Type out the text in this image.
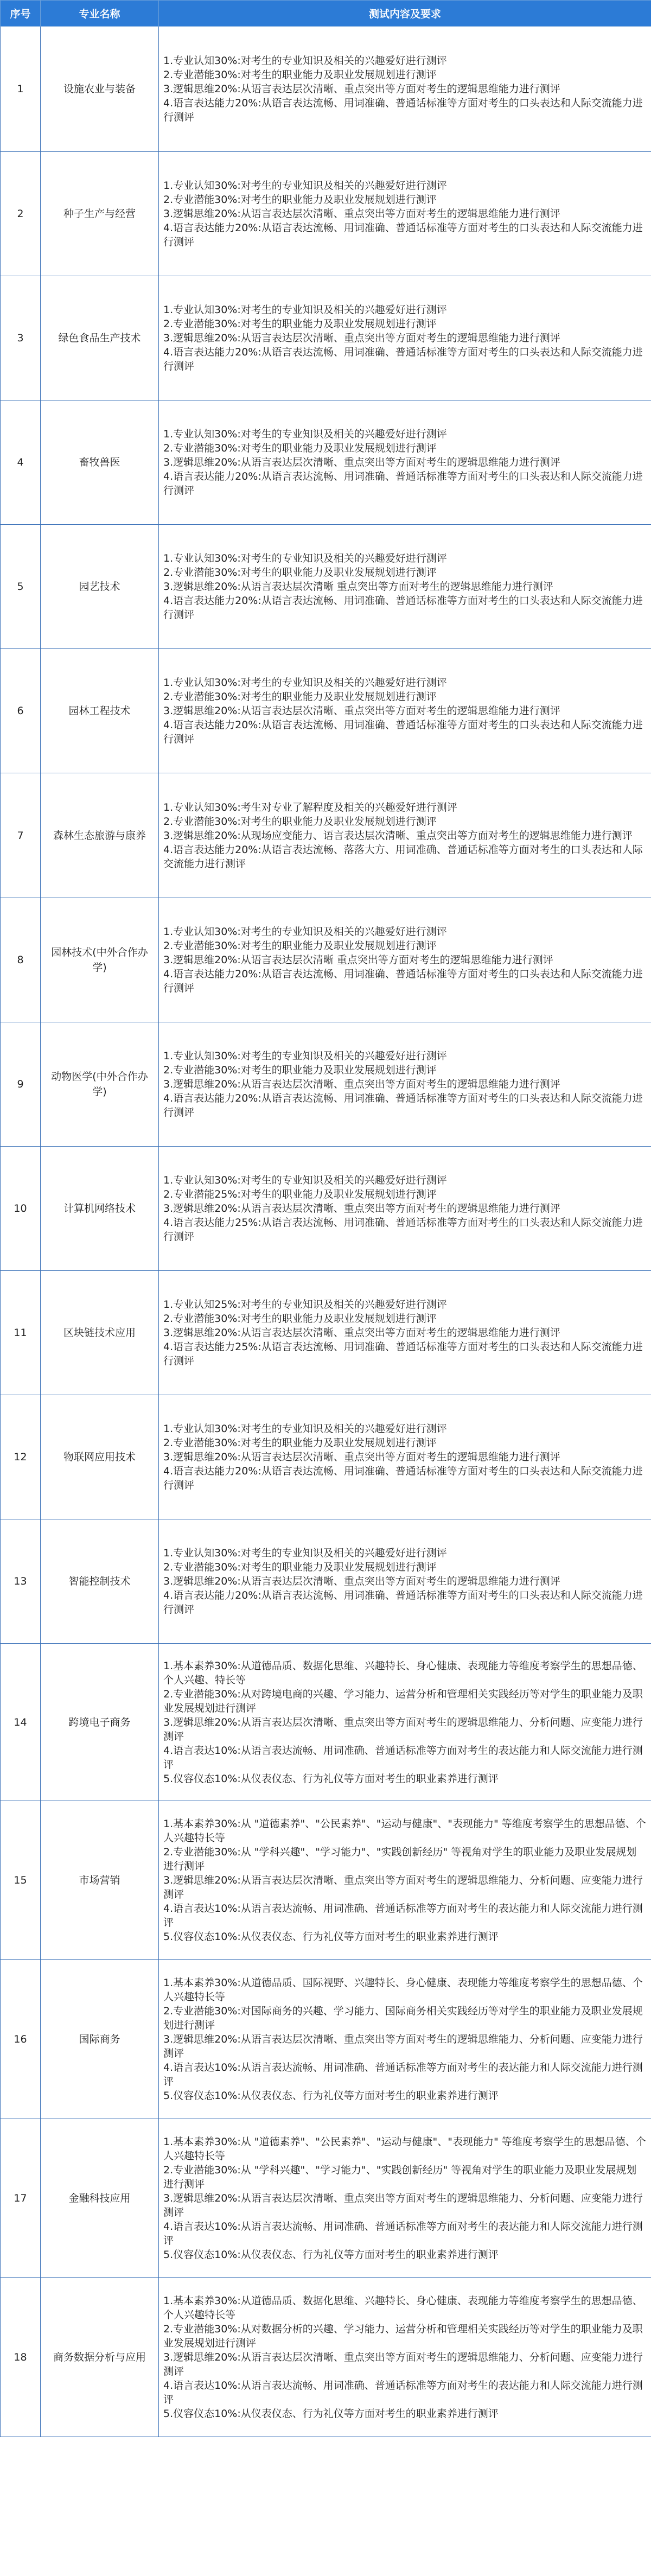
序号	专业名称	测试内容及要求
1	设施农业与装备	1.专业认知30%:对考生的专业知识及相关的兴趣爱好进行测评
2.专业潜能30%:对考生的职业能力及职业发展规划进行测评
3.逻辑思维20%:从语言表达层次清晰、重点突出等方面对考生的逻辑思维能力进行测评
4.语言表达能力20%:从语言表达流畅、用词准确、普通话标准等方面对考生的口头表达和人际交流能力进行测评

2	种子生产与经营	1.专业认知30%:对考生的专业知识及相关的兴趣爱好进行测评
2.专业潜能30%:对考生的职业能力及职业发展规划进行测评
3.逻辑思维20%:从语言表达层次清晰、重点突出等方面对考生的逻辑思维能力进行测评
4.语言表达能力20%:从语言表达流畅、用词准确、普通话标准等方面对考生的口头表达和人际交流能力进行测评

3	绿色食品生产技术	1.专业认知30%:对考生的专业知识及相关的兴趣爱好进行测评
2.专业潜能30%:对考生的职业能力及职业发展规划进行测评
3.逻辑思维20%:从语言表达层次清晰、重点突出等方面对考生的逻辑思维能力进行测评
4.语言表达能力20%:从语言表达流畅、用词准确、普通话标准等方面对考生的口头表达和人际交流能力进行测评

4	畜牧兽医	1.专业认知30%:对考生的专业知识及相关的兴趣爱好进行测评
2.专业潜能30%:对考生的职业能力及职业发展规划进行测评
3.逻辑思维20%:从语言表达层次清晰、重点突出等方面对考生的逻辑思维能力进行测评
4.语言表达能力20%:从语言表达流畅、用词准确、普通话标准等方面对考生的口头表达和人际交流能力进行测评

5	园艺技术	1.专业认知30%:对考生的专业知识及相关的兴趣爱好进行测评
2.专业潜能30%:对考生的职业能力及职业发展规划进行测评
3.逻辑思维20%:从语言表达层次清晰 重点突出等方面对考生的逻辑思维能力进行测评
4.语言表达能力20%:从语言表达流畅、用词准确、普通话标准等方面对考生的口头表达和人际交流能力进行测评

6	园林工程技术	1.专业认知30%:对考生的专业知识及相关的兴趣爱好进行测评
2.专业潜能30%:对考生的职业能力及职业发展规划进行测评
3.逻辑思维20%:从语言表达层次清晰、重点突出等方面对考生的逻辑思维能力进行测评
4.语言表达能力20%:从语言表达流畅、用词准确、普通话标准等方面对考生的口头表达和人际交流能力进行测评

7	森林生态旅游与康养	1.专业认知30%:考生对专业了解程度及相关的兴趣爱好进行测评
2.专业潜能30%:对考生的职业能力及职业发展规划进行测评
3.逻辑思维20%:从现场应变能力、语言表达层次清晰、重点突出等方面对考生的逻辑思维能力进行测评
4.语言表达能力20%:从语言表达流畅、落落大方、用词准确、普通话标准等方面对考生的口头表达和人际交流能力进行测评

8	园林技术(中外合作办学)	1.专业认知30%:对考生的专业知识及相关的兴趣爱好进行测评
2.专业潜能30%:对考生的职业能力及职业发展规划进行测评
3.逻辑思维20%:从语言表达层次清晰 重点突出等方面对考生的逻辑思维能力进行测评
4.语言表达能力20%:从语言表达流畅、用词准确、普通话标准等方面对考生的口头表达和人际交流能力进行测评

9	动物医学(中外合作办学)	1.专业认知30%:对考生的专业知识及相关的兴趣爱好进行测评
2.专业潜能30%:对考生的职业能力及职业发展规划进行测评
3.逻辑思维20%:从语言表达层次清晰、重点突出等方面对考生的逻辑思维能力进行测评
4.语言表达能力20%:从语言表达流畅、用词准确、普通话标准等方面对考生的口头表达和人际交流能力进行测评

10	计算机网络技术	1.专业认知30%:对考生的专业知识及相关的兴趣爱好进行测评
2.专业潜能25%:对考生的职业能力及职业发展规划进行测评
3.逻辑思维20%:从语言表达层次清晰、重点突出等方面对考生的逻辑思维能力进行测评
4.语言表达能力25%:从语言表达流畅、用词准确、普通话标准等方面对考生的口头表达和人际交流能力进行测评

11	区块链技术应用	1.专业认知25%:对考生的专业知识及相关的兴趣爱好进行测评
2.专业潜能30%:对考生的职业能力及职业发展规划进行测评
3.逻辑思维20%:从语言表达层次清晰、重点突出等方面对考生的逻辑思维能力进行测评
4.语言表达能力25%:从语言表达流畅、用词准确、普通话标准等方面对考生的口头表达和人际交流能力进行测评

12	物联网应用技术	1.专业认知30%:对考生的专业知识及相关的兴趣爱好进行测评
2.专业潜能30%:对考生的职业能力及职业发展规划进行测评
3.逻辑思维20%:从语言表达层次清晰、重点突出等方面对考生的逻辑思维能力进行测评
4.语言表达能力20%:从语言表达流畅、用词准确、普通话标准等方面对考生的口头表达和人际交流能力进行测评

13	智能控制技术	1.专业认知30%:对考生的专业知识及相关的兴趣爱好进行测评
2.专业潜能30%:对考生的职业能力及职业发展规划进行测评
3.逻辑思维20%:从语言表达层次清晰、重点突出等方面对考生的逻辑思维能力进行测评
4.语言表达能力20%:从语言表达流畅、用词准确、普通话标准等方面对考生的口头表达和人际交流能力进行测评

14	跨境电子商务	1.基本素养30%:从道德品质、数据化思维、兴趣特长、身心健康、表现能力等维度考察学生的思想品德、个人兴趣、特长等
2.专业潜能30%:从对跨境电商的兴趣、学习能力、运营分析和管理相关实践经历等对学生的职业能力及职业发展规划进行测评
3.逻辑思维20%:从语言表达层次清晰、重点突出等方面对考生的逻辑思维能力、分析问题、应变能力进行测评
4.语言表达10%:从语言表达流畅、用词准确、普通话标准等方面对考生的表达能力和人际交流能力进行测评
5.仪容仪态10%:从仪表仪态、行为礼仪等方面对考生的职业素养进行测评

15	市场营销	1.基本素养30%:从 "道德素养"、"公民素养"、"运动与健康"、"表现能力" 等维度考察学生的思想品德、个人兴趣特长等
2.专业潜能30%:从 "学科兴趣"、"学习能力"、"实践创新经历" 等视角对学生的职业能力及职业发展规划进行测评
3.逻辑思维20%:从语言表达层次清晰、重点突出等方面对考生的逻辑思维能力、分析问题、应变能力进行测评
4.语言表达10%:从语言表达流畅、用词准确、普通话标准等方面对考生的表达能力和人际交流能力进行测评
5.仪容仪态10%:从仪表仪态、行为礼仪等方面对考生的职业素养进行测评

16	国际商务	1.基本素养30%:从道德品质、国际视野、兴趣特长、身心健康、表现能力等维度考察学生的思想品德、个人兴趣特长等
2.专业潜能30%:对国际商务的兴趣、学习能力、国际商务相关实践经历等对学生的职业能力及职业发展规划进行测评
3.逻辑思维20%:从语言表达层次清晰、重点突出等方面对考生的逻辑思维能力、分析问题、应变能力进行测评
4.语言表达10%:从语言表达流畅、用词准确、普通话标准等方面对考生的表达能力和人际交流能力进行测评
5.仪容仪态10%:从仪表仪态、行为礼仪等方面对考生的职业素养进行测评

17	金融科技应用	1.基本素养30%:从 "道德素养"、"公民素养"、"运动与健康"、"表现能力" 等维度考察学生的思想品德、个人兴趣特长等
2.专业潜能30%:从 "学科兴趣"、"学习能力"、"实践创新经历" 等视角对学生的职业能力及职业发展规划进行测评
3.逻辑思维20%:从语言表达层次清晰、重点突出等方面对考生的逻辑思维能力、分析问题、应变能力进行测评
4.语言表达10%:从语言表达流畅、用词准确、普通话标准等方面对考生的表达能力和人际交流能力进行测评
5.仪容仪态10%:从仪表仪态、行为礼仪等方面对考生的职业素养进行测评

18	商务数据分析与应用	1.基本素养30%:从道德品质、数据化思维、兴趣特长、身心健康、表现能力等维度考察学生的思想品德、个人兴趣特长等
2.专业潜能30%:从对数据分析的兴趣、学习能力、运营分析和管理相关实践经历等对学生的职业能力及职业发展规划进行测评
3.逻辑思维20%:从语言表达层次清晰、重点突出等方面对考生的逻辑思维能力、分析问题、应变能力进行测评
4.语言表达10%:从语言表达流畅、用词准确、普通话标准等方面对考生的表达能力和人际交流能力进行测评
5.仪容仪态10%:从仪表仪态、行为礼仪等方面对考生的职业素养进行测评
